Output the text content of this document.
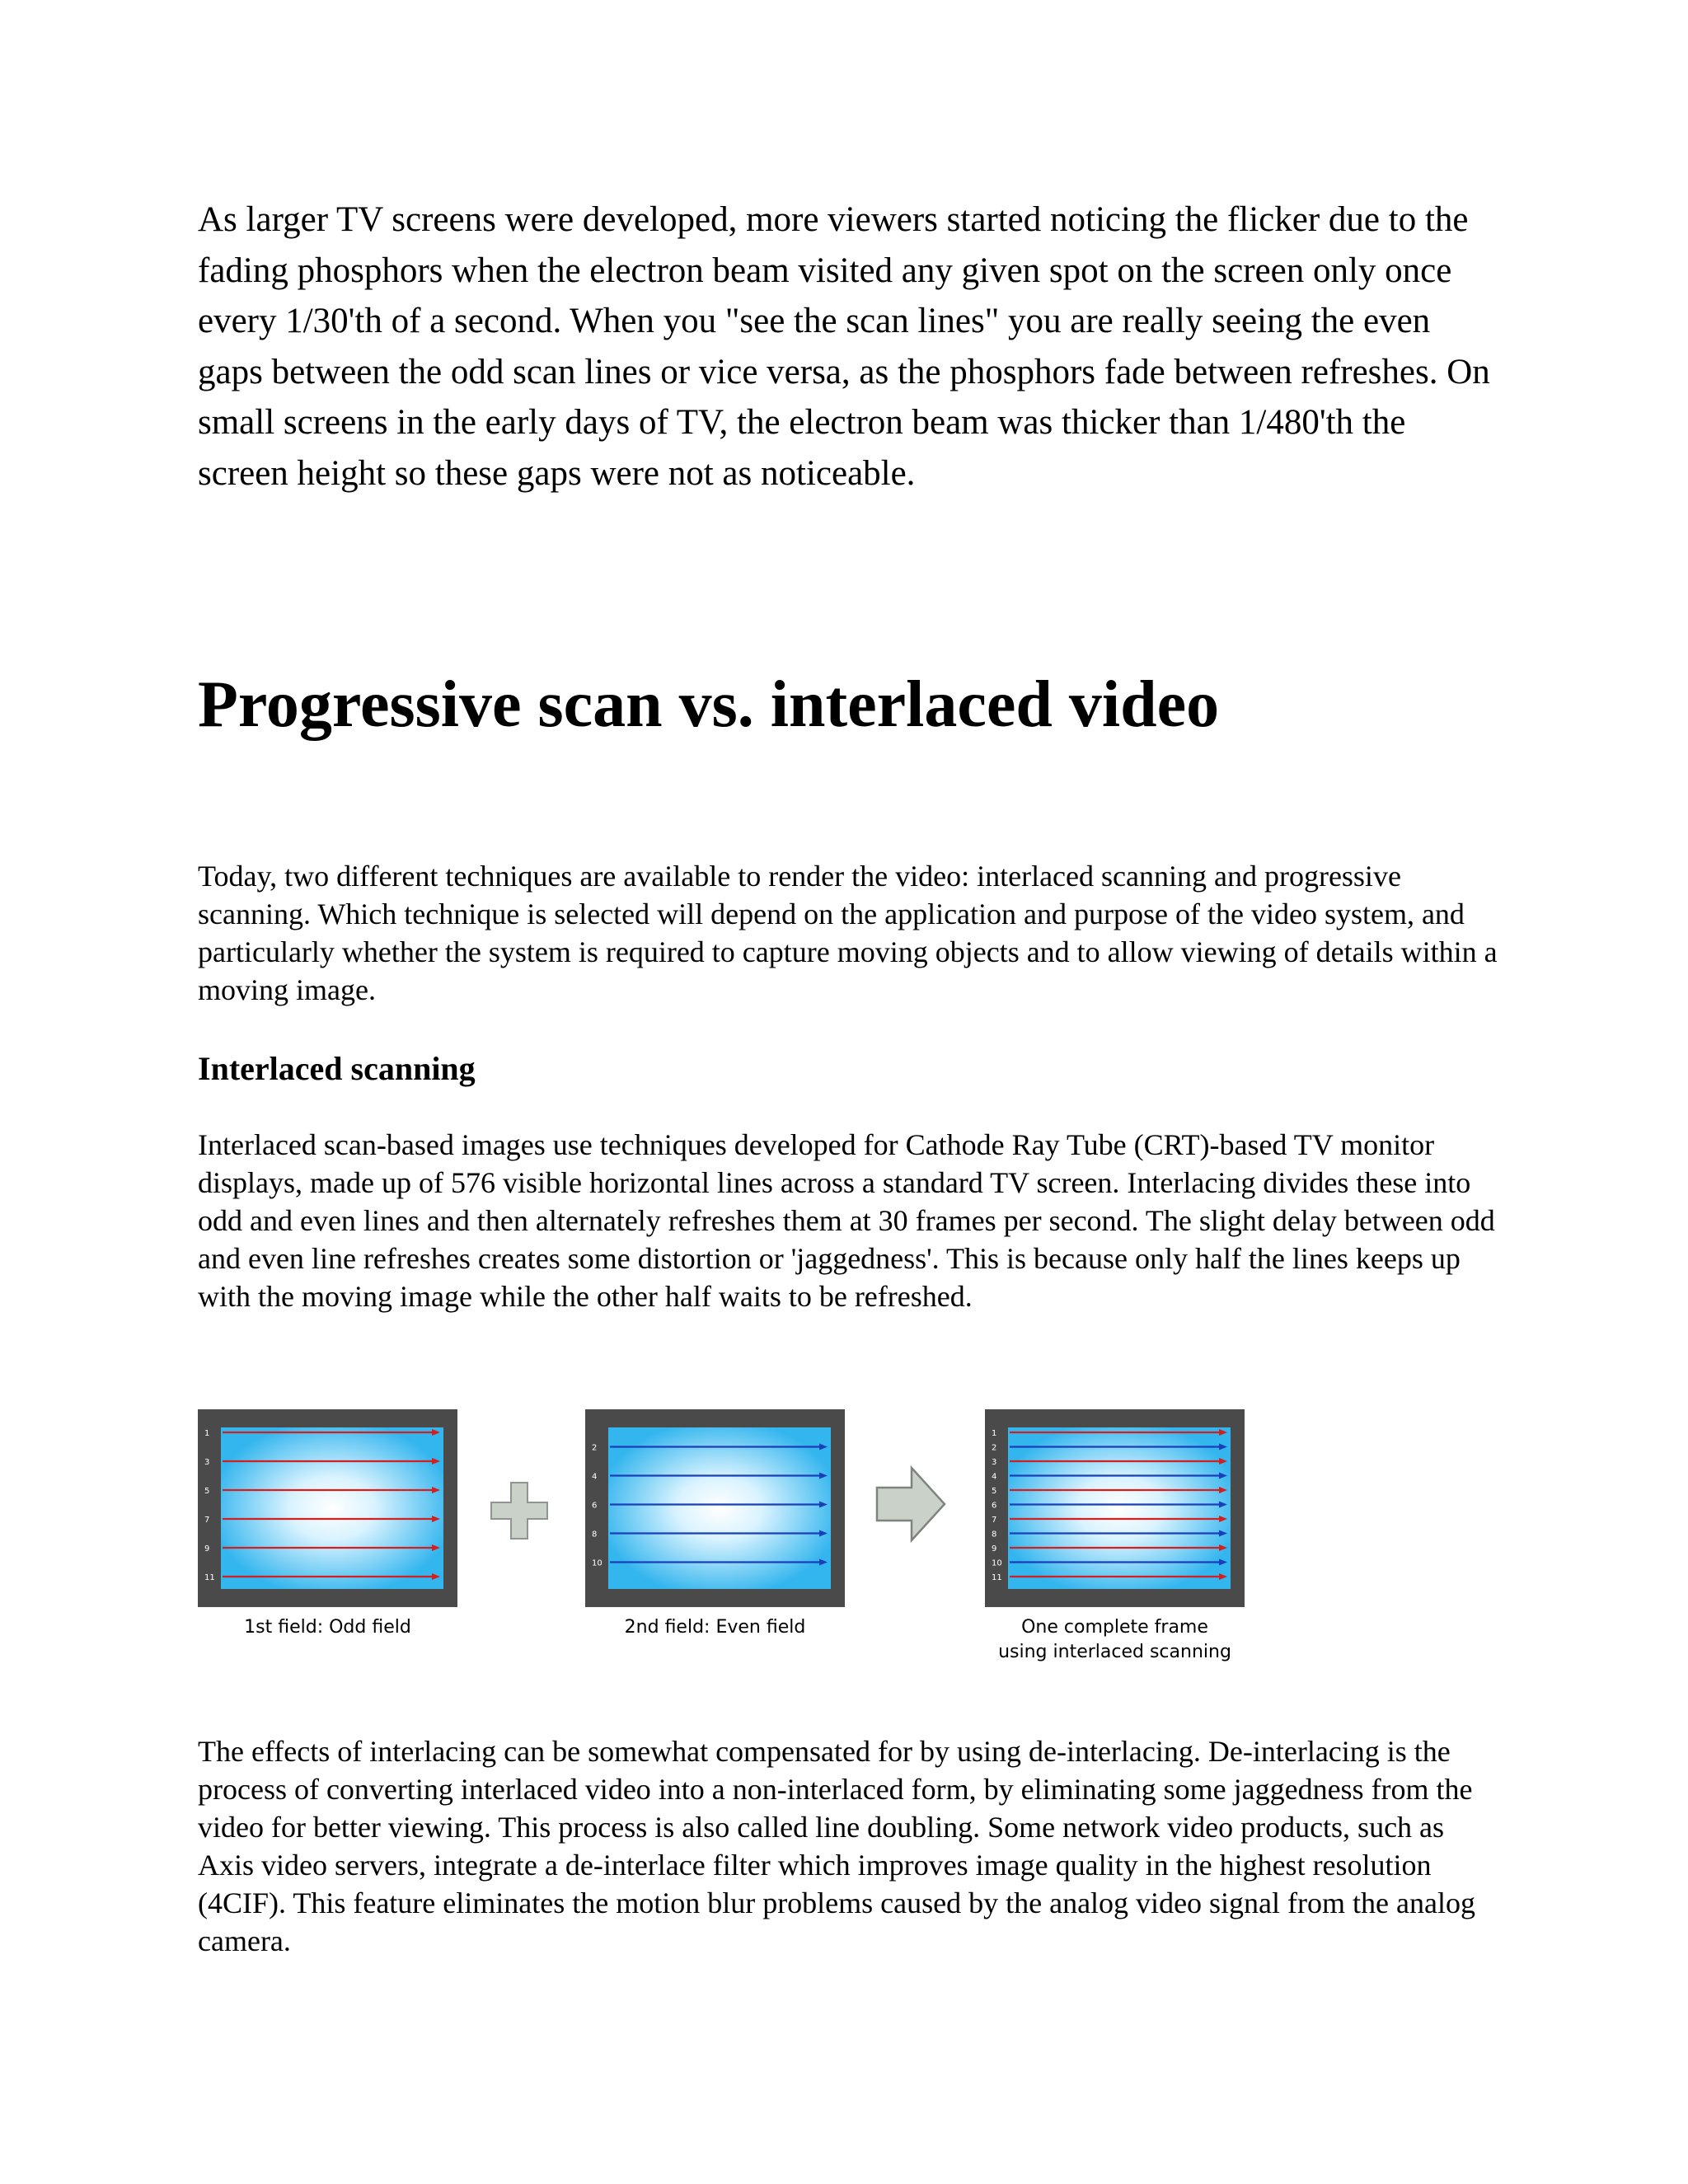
As larger TV screens were developed, more viewers started noticing the flicker due to the fading phosphors when the electron beam visited any given spot on the screen only once every 1/30'th of a second. When you "see the scan lines" you are really seeing the even gaps between the odd scan lines or vice versa, as the phosphors fade between refreshes. On small screens in the early days of TV, the electron beam was thicker than 1/480'th the screen height so these gaps were not as noticeable.

Progressive scan vs. interlaced video

Today, two different techniques are available to render the video: interlaced scanning and progressive scanning. Which technique is selected will depend on the application and purpose of the video system, and particularly whether the system is required to capture moving objects and to allow viewing of details within a moving image.

Interlaced scanning

Interlaced scan-based images use techniques developed for Cathode Ray Tube (CRT)-based TV monitor displays, made up of 576 visible horizontal lines across a standard TV screen. Interlacing divides these into odd and even lines and then alternately refreshes them at 30 frames per second. The slight delay between odd and even line refreshes creates some distortion or 'jaggedness'. This is because only half the lines keeps up with the moving image while the other half waits to be refreshed.

1
3
5
7
9
11
2
4
6
8
10
1
2
3
4
5
6
7
8
9
10
11
1st field: Odd field	2nd field: Even field	One complete frame
using interlaced scanning

The effects of interlacing can be somewhat compensated for by using de-interlacing. De-interlacing is the process of converting interlaced video into a non-interlaced form, by eliminating some jaggedness from the video for better viewing. This process is also called line doubling. Some network video products, such as Axis video servers, integrate a de-interlace filter which improves image quality in the highest resolution (4CIF). This feature eliminates the motion blur problems caused by the analog video signal from the analog camera.
